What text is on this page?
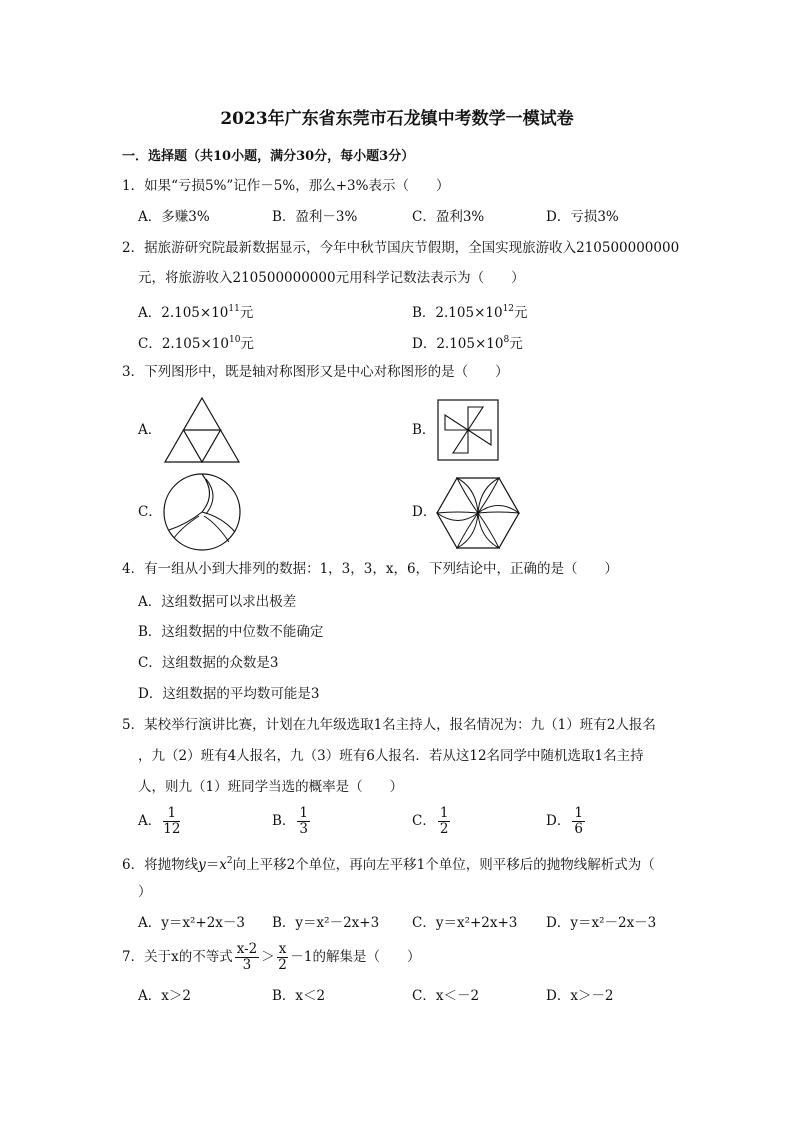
2023年广东省东莞市石龙镇中考数学一模试卷
一．选择题（共10小题，满分30分，每小题3分）
1．如果“亏损5%”记作－5%，那么+3%表示（　　）
A．多赚3%	B．盈利－3%	C．盈利3%	D．亏损3%
2．据旅游研究院最新数据显示，今年中秋节国庆节假期，全国实现旅游收入210500000000
元，将旅游收入210500000000元用科学记数法表示为（　　）
A．$2.105\times 10^{11}$元	B．$2.105\times 10^{12}$元
C．$2.105\times 10^{10}$元	D．$2.105\times 10^8$元
3．下列图形中，既是轴对称图形又是中心对称图形的是（　　）
A．	B．
C．	D．
4．有一组从小到大排列的数据：1，3，3，x，6，下列结论中，正确的是（　　）
A．这组数据可以求出极差
B．这组数据的中位数不能确定
C．这组数据的众数是3
D．这组数据的平均数可能是3
5．某校举行演讲比赛，计划在九年级选取1名主持人，报名情况为：九（1）班有2人报名
，九（2）班有4人报名，九（3）班有6人报名．若从这12名同学中随机选取1名主持
人，则九（1）班同学当选的概率是（　　）
A． $\frac{1}{12}$	B． $\frac{1}{3}$	C． $\frac{1}{2}$	D． $\frac{1}{6}$
6．将抛物线$y=x^2$向上平移2个单位，再向左平移1个单位，则平移后的抛物线解析式为（
）
A．y＝x²+2x－3 B．y＝x²－2x+3 C．y＝x²+2x+3 D．y＝x²－2x－3
7．关于x的不等式 $\frac{x-2}{3} > \frac{x}{2} -1$的解集是（　　）
A．x＞2	B．x＜2	C．x＜－2	D．x＞－2
